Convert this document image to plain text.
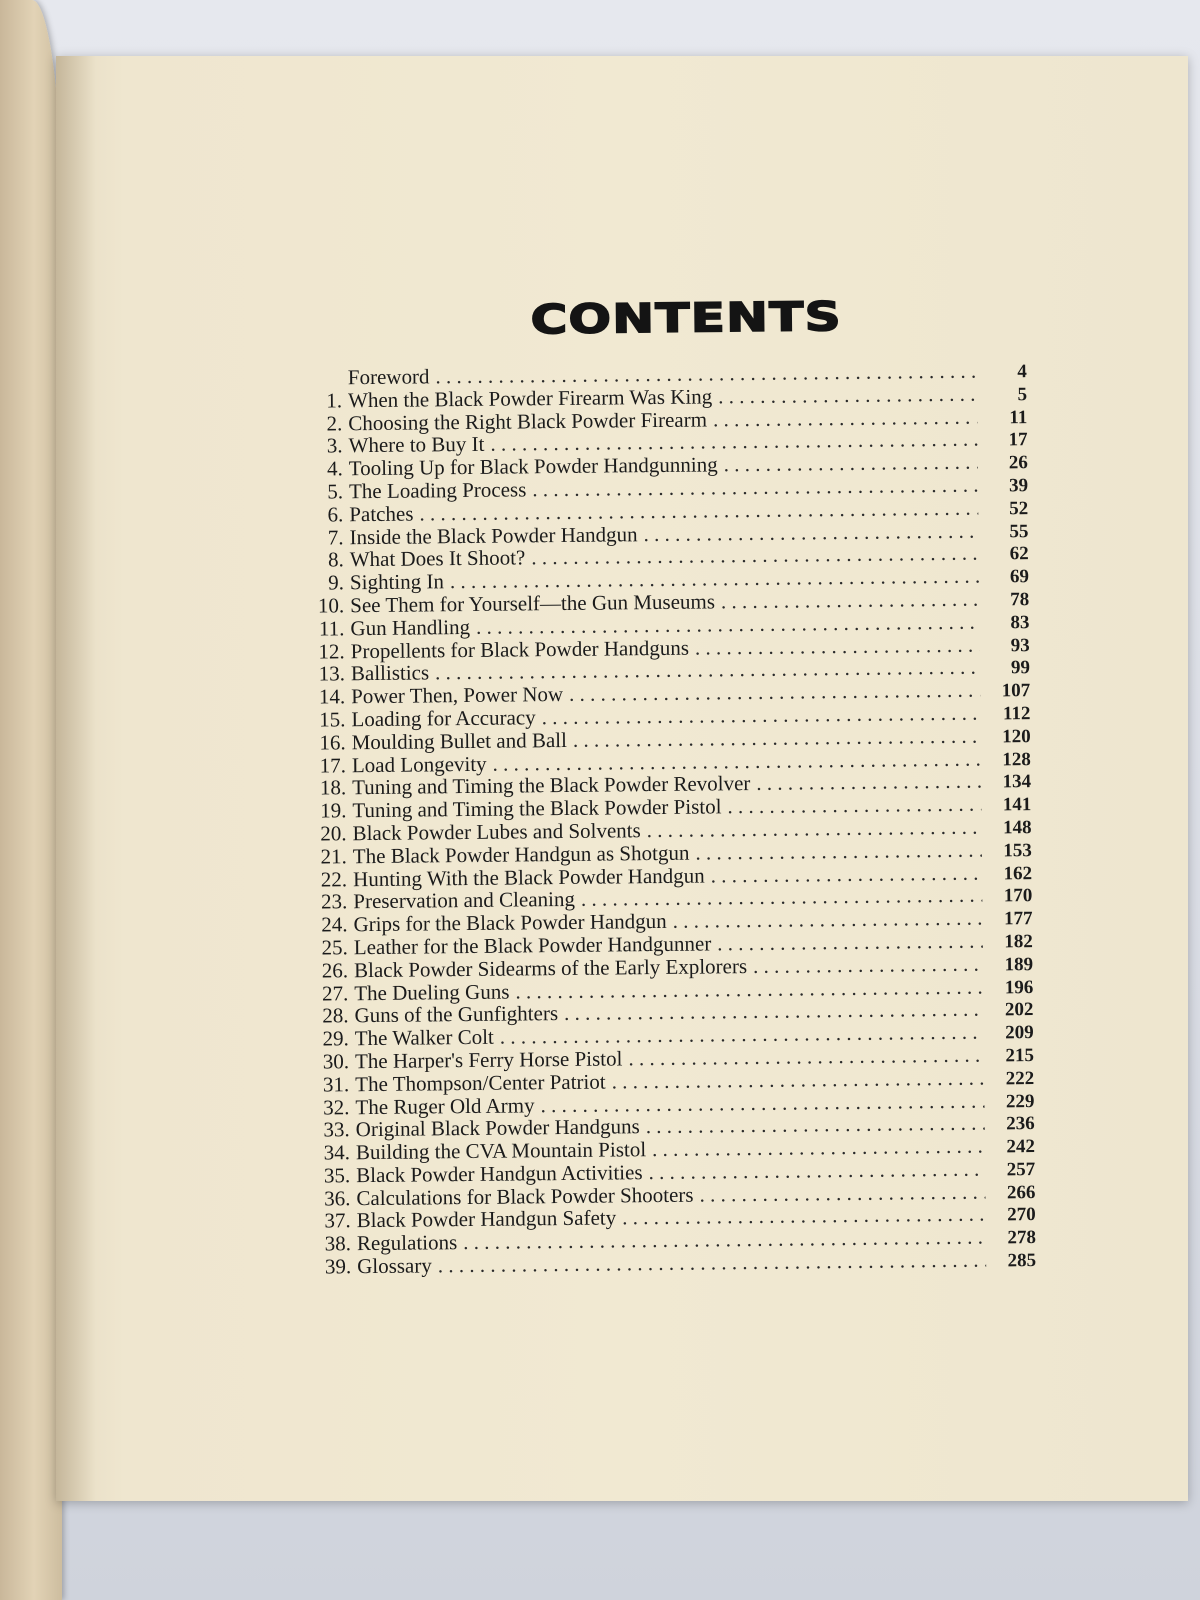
CONTENTS
Foreword . . .	4
1. When the Black Powder Firearm Was King . . .	5
2. Choosing the Right Black Powder Firearm . . .	11
3. Where to Buy It . . .	17
4. Tooling Up for Black Powder Handgunning . . .	26
5. The Loading Process . . .	39
6. Patches . . .	52
7. Inside the Black Powder Handgun . . .	55
8. What Does It Shoot? . . .	62
9. Sighting In . . .	69
10. See Them for Yourself—the Gun Museums . . .	78
11. Gun Handling . . .	83
12. Propellents for Black Powder Handguns . . .	93
13. Ballistics . . .	99
14. Power Then, Power Now . . .	107
15. Loading for Accuracy . . .	112
16. Moulding Bullet and Ball . . .	120
17. Load Longevity . . .	128
18. Tuning and Timing the Black Powder Revolver . . .	134
19. Tuning and Timing the Black Powder Pistol . . .	141
20. Black Powder Lubes and Solvents . . .	148
21. The Black Powder Handgun as Shotgun . . .	153
22. Hunting With the Black Powder Handgun . . .	162
23. Preservation and Cleaning . . .	170
24. Grips for the Black Powder Handgun . . .	177
25. Leather for the Black Powder Handgunner . . .	182
26. Black Powder Sidearms of the Early Explorers . . .	189
27. The Dueling Guns . . .	196
28. Guns of the Gunfighters . . .	202
29. The Walker Colt . . .	209
30. The Harper's Ferry Horse Pistol . . .	215
31. The Thompson/Center Patriot . . .	222
32. The Ruger Old Army . . .	229
33. Original Black Powder Handguns . . .	236
34. Building the CVA Mountain Pistol . . .	242
35. Black Powder Handgun Activities . . .	257
36. Calculations for Black Powder Shooters . . .	266
37. Black Powder Handgun Safety . . .	270
38. Regulations . . .	278
39. Glossary . . .	285
